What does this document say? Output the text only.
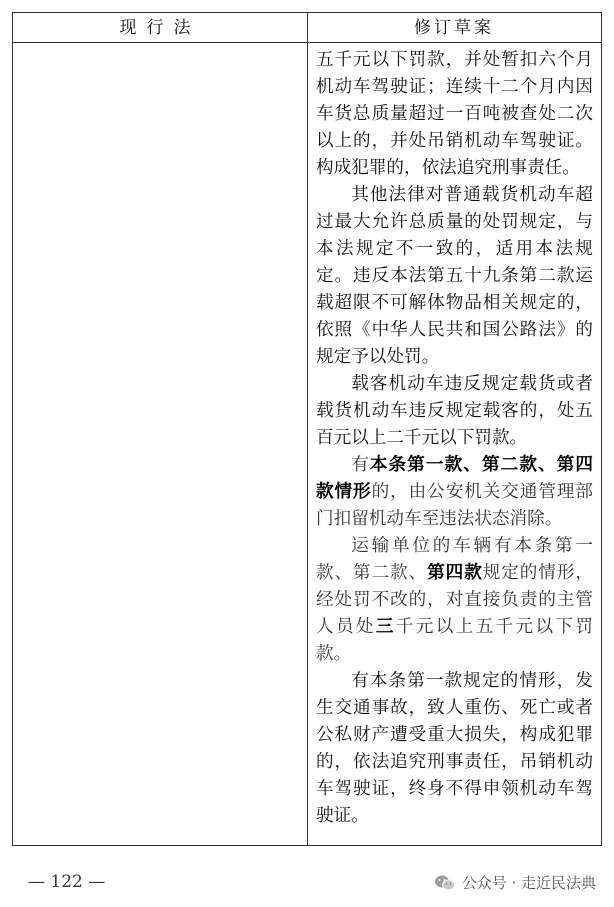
现行法	修订草案

五千元以下罚款，并处暂扣六个月机动车驾驶证；连续十二个月内因车货总质量超过一百吨被查处二次以上的，并处吊销机动车驾驶证。构成犯罪的，依法追究刑事责任。

其他法律对普通载货机动车超过最大允许总质量的处罚规定，与本法规定不一致的，适用本法规定。违反本法第五十九条第二款运载超限不可解体物品相关规定的，依照《中华人民共和国公路法》的规定予以处罚。

载客机动车违反规定载货或者载货机动车违反规定载客的，处五百元以上二千元以下罚款。

有本条第一款、第二款、第四款情形的，由公安机关交通管理部门扣留机动车至违法状态消除。

运输单位的车辆有本条第一款、第二款、第四款规定的情形，经处罚不改的，对直接负责的主管人员处三千元以上五千元以下罚款。

有本条第一款规定的情形，发生交通事故，致人重伤、死亡或者公私财产遭受重大损失，构成犯罪的，依法追究刑事责任，吊销机动车驾驶证，终身不得申领机动车驾驶证。

— 122 —	公众号 · 走近民法典
